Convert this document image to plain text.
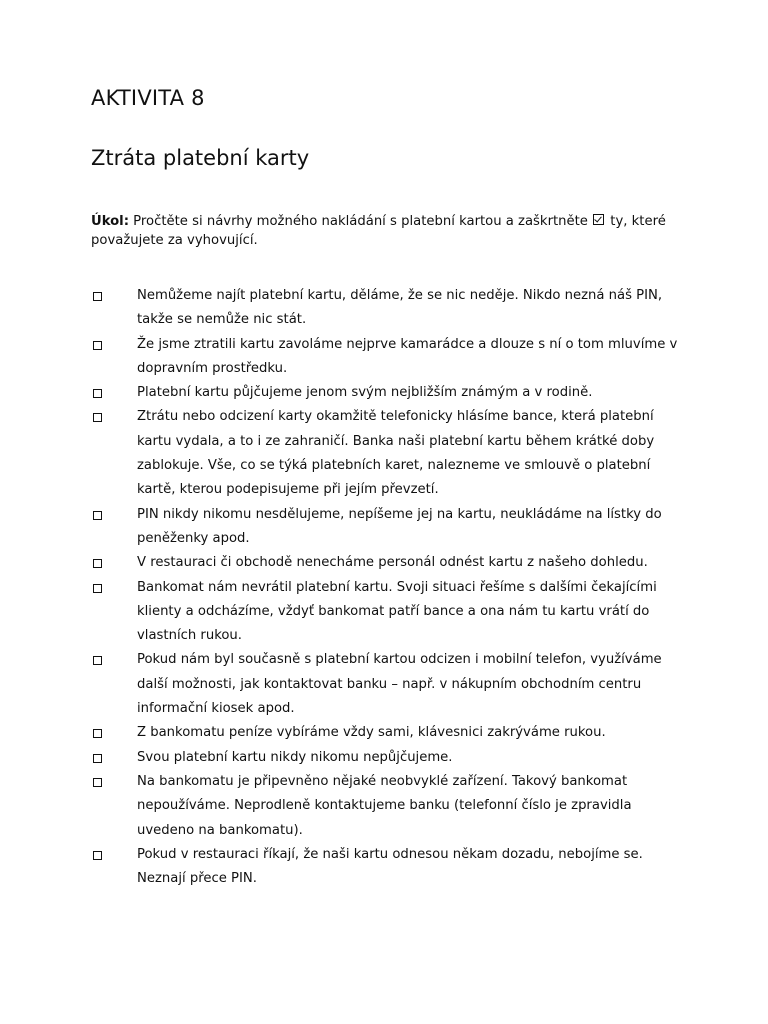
AKTIVITA 8
Ztráta platební karty

Úkol: Pročtěte si návrhy možného nakládání s platební kartou a zaškrtněte  ty, které považujete za vyhovující.

Nemůžeme najít platební kartu, děláme, že se nic neděje. Nikdo nezná náš PIN, takže se nemůže nic stát.
Že jsme ztratili kartu zavoláme nejprve kamarádce a dlouze s ní o tom mluvíme v dopravním prostředku.
Platební kartu půjčujeme jenom svým nejbližším známým a v rodině.
Ztrátu nebo odcizení karty okamžitě telefonicky hlásíme bance, která platební kartu vydala, a to i ze zahraničí. Banka naši platební kartu během krátké doby zablokuje. Vše, co se týká platebních karet, nalezneme ve smlouvě o platební kartě, kterou podepisujeme při jejím převzetí.
PIN nikdy nikomu nesdělujeme, nepíšeme jej na kartu, neukládáme na lístky do peněženky apod.
V restauraci či obchodě nenecháme personál odnést kartu z našeho dohledu.
Bankomat nám nevrátil platební kartu. Svoji situaci řešíme s dalšími čekajícími klienty a odcházíme, vždyť bankomat patří bance a ona nám tu kartu vrátí do vlastních rukou.
Pokud nám byl současně s platební kartou odcizen i mobilní telefon, využíváme další možnosti, jak kontaktovat banku – např. v nákupním obchodním centru informační kiosek apod.
Z bankomatu peníze vybíráme vždy sami, klávesnici zakrýváme rukou.
Svou platební kartu nikdy nikomu nepůjčujeme.
Na bankomatu je připevněno nějaké neobvyklé zařízení. Takový bankomat nepoužíváme. Neprodleně kontaktujeme banku (telefonní číslo je zpravidla uvedeno na bankomatu).
Pokud v restauraci říkají, že naši kartu odnesou někam dozadu, nebojíme se. Neznají přece PIN.
